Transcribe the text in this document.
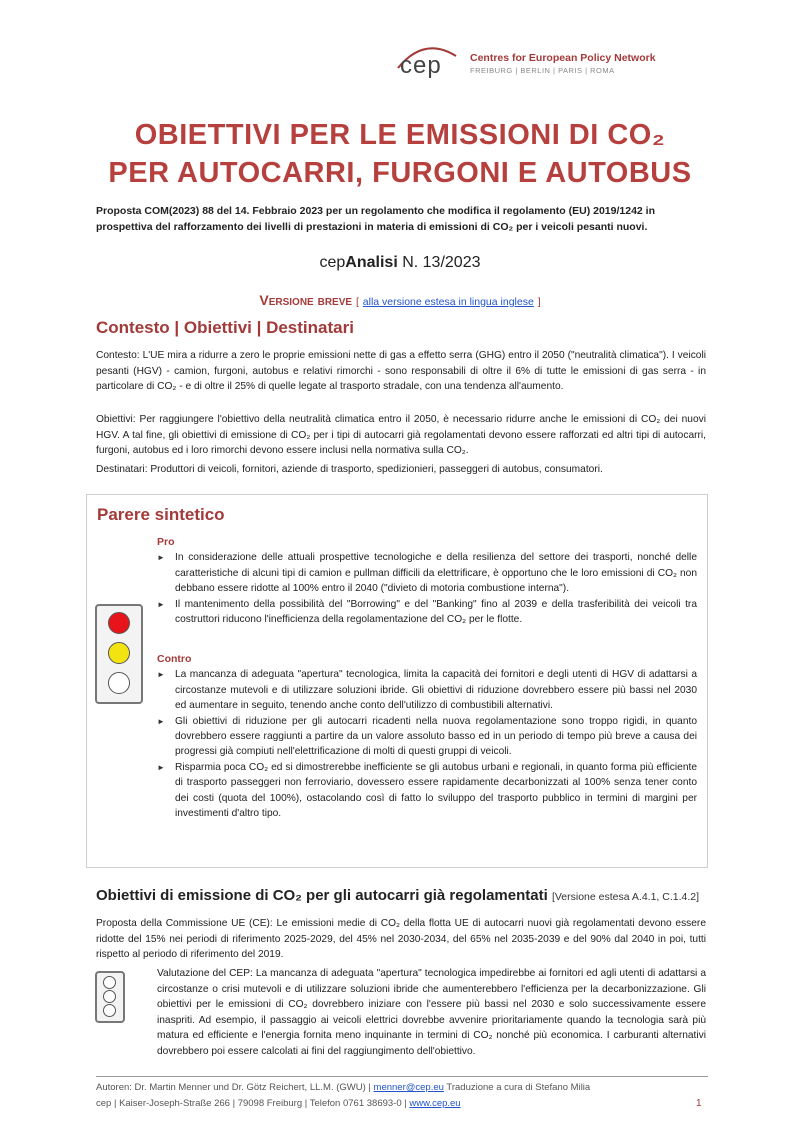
cep	Centres for European Policy Network
FREIBURG | BERLIN | PARIS | ROMA
OBIETTIVI PER LE EMISSIONI DI CO₂
PER AUTOCARRI, FURGONI E AUTOBUS
Proposta COM(2023) 88 del 14. Febbraio 2023 per un regolamento che modifica il regolamento (EU) 2019/1242 in prospettiva del rafforzamento dei livelli di prestazioni in materia di emissioni di CO₂ per i veicoli pesanti nuovi.
cepAnalisi N. 13/2023
Versione breve [ alla versione estesa in lingua inglese ]
Contesto | Obiettivi | Destinatari
Contesto: L'UE mira a ridurre a zero le proprie emissioni nette di gas a effetto serra (GHG) entro il 2050 ("neutralità climatica"). I veicoli pesanti (HGV) - camion, furgoni, autobus e relativi rimorchi - sono responsabili di oltre il 6% di tutte le emissioni di gas serra - in particolare di CO₂ - e di oltre il 25% di quelle legate al trasporto stradale, con una tendenza all'aumento.
Obiettivi: Per raggiungere l'obiettivo della neutralità climatica entro il 2050, è necessario ridurre anche le emissioni di CO₂ dei nuovi HGV. A tal fine, gli obiettivi di emissione di CO₂ per i tipi di autocarri già regolamentati devono essere rafforzati ed altri tipi di autocarri, furgoni, autobus ed i loro rimorchi devono essere inclusi nella normativa sulla CO₂.
Destinatari: Produttori di veicoli, fornitori, aziende di trasporto, spedizionieri, passeggeri di autobus, consumatori.
Parere sintetico
Pro
► In considerazione delle attuali prospettive tecnologiche e della resilienza del settore dei trasporti, nonché delle caratteristiche di alcuni tipi di camion e pullman difficili da elettrificare, è opportuno che le loro emissioni di CO₂ non debbano essere ridotte al 100% entro il 2040 ("divieto di motoria combustione interna").
► Il mantenimento della possibilità del "Borrowing" e del "Banking" fino al 2039 e della trasferibilità dei veicoli tra costruttori riducono l'inefficienza della regolamentazione del CO₂ per le flotte.
Contro
► La mancanza di adeguata "apertura" tecnologica, limita la capacità dei fornitori e degli utenti di HGV di adattarsi a circostanze mutevoli e di utilizzare soluzioni ibride. Gli obiettivi di riduzione dovrebbero essere più bassi nel 2030 ed aumentare in seguito, tenendo anche conto dell'utilizzo di combustibili alternativi.
► Gli obiettivi di riduzione per gli autocarri ricadenti nella nuova regolamentazione sono troppo rigidi, in quanto dovrebbero essere raggiunti a partire da un valore assoluto basso ed in un periodo di tempo più breve a causa dei progressi già compiuti nell'elettrificazione di molti di questi gruppi di veicoli.
► Risparmia poca CO₂ ed si dimostrerebbe inefficiente se gli autobus urbani e regionali, in quanto forma più efficiente di trasporto passeggeri non ferroviario, dovessero essere rapidamente decarbonizzati al 100% senza tener conto dei costi (quota del 100%), ostacolando così di fatto lo sviluppo del trasporto pubblico in termini di margini per investimenti d'altro tipo.
Obiettivi di emissione di CO₂ per gli autocarri già regolamentati [Versione estesa A.4.1, C.1.4.2]
Proposta della Commissione UE (CE): Le emissioni medie di CO₂ della flotta UE di autocarri nuovi già regolamentati devono essere ridotte del 15% nei periodi di riferimento 2025-2029, del 45% nel 2030-2034, del 65% nel 2035-2039 e del 90% dal 2040 in poi, tutti rispetto al periodo di riferimento del 2019.
Valutazione del CEP: La mancanza di adeguata "apertura" tecnologica impedirebbe ai fornitori ed agli utenti di adattarsi a circostanze o crisi mutevoli e di utilizzare soluzioni ibride che aumenterebbero l'efficienza per la decarbonizzazione. Gli obiettivi per le emissioni di CO₂ dovrebbero iniziare con l'essere più bassi nel 2030 e solo successivamente essere inaspriti. Ad esempio, il passaggio ai veicoli elettrici dovrebbe avvenire prioritariamente quando la tecnologia sarà più matura ed efficiente e l'energia fornita meno inquinante in termini di CO₂ nonché più economica. I carburanti alternativi dovrebbero poi essere calcolati ai fini del raggiungimento dell'obiettivo.
Autoren: Dr. Martin Menner und Dr. Götz Reichert, LL.M. (GWU) | menner@cep.eu Traduzione a cura di Stefano Milia
cep | Kaiser-Joseph-Straße 266 | 79098 Freiburg | Telefon 0761 38693-0 | www.cep.eu	1
